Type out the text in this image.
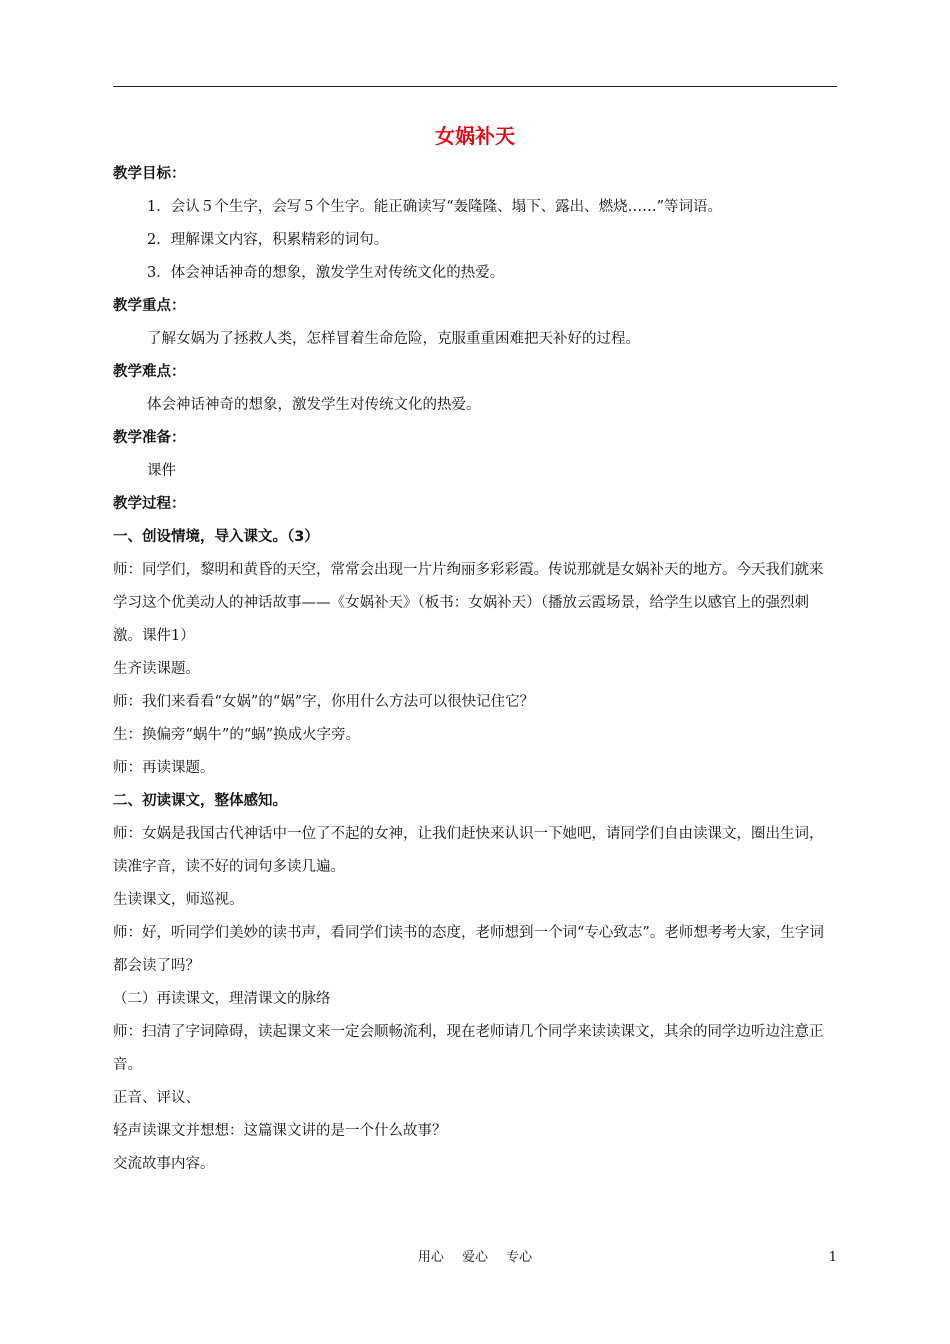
女娲补天
教学目标：
1．会认５个生字，会写５个生字。能正确读写“轰隆隆、塌下、露出、燃烧……”等词语。
2．理解课文内容，积累精彩的词句。
3．体会神话神奇的想象，激发学生对传统文化的热爱。
教学重点：
了解女娲为了拯救人类，怎样冒着生命危险，克服重重困难把天补好的过程。
教学难点：
体会神话神奇的想象，激发学生对传统文化的热爱。
教学准备：
课件
教学过程：
一、创设情境，导入课文。（3）
师：同学们，黎明和黄昏的天空，常常会出现一片片绚丽多彩彩霞。传说那就是女娲补天的地方。今天我们就来学习这个优美动人的神话故事——《女娲补天》（板书：女娲补天）（播放云霞场景，给学生以感官上的强烈刺激。课件1）
生齐读课题。
师：我们来看看“女娲”的“娲”字，你用什么方法可以很快记住它？
生：换偏旁“蜗牛”的“蜗”换成火字旁。
师：再读课题。
二、初读课文，整体感知。
师：女娲是我国古代神话中一位了不起的女神，让我们赶快来认识一下她吧，请同学们自由读课文，圈出生词，读准字音，读不好的词句多读几遍。
生读课文，师巡视。
师：好，听同学们美妙的读书声，看同学们读书的态度，老师想到一个词“专心致志”。老师想考考大家，生字词都会读了吗？
（二）再读课文，理清课文的脉络
师：扫清了字词障碍，读起课文来一定会顺畅流利，现在老师请几个同学来读读课文，其余的同学边听边注意正音。
正音、评议、
轻声读课文并想想：这篇课文讲的是一个什么故事？
交流故事内容。
用心 爱心 专心	1
